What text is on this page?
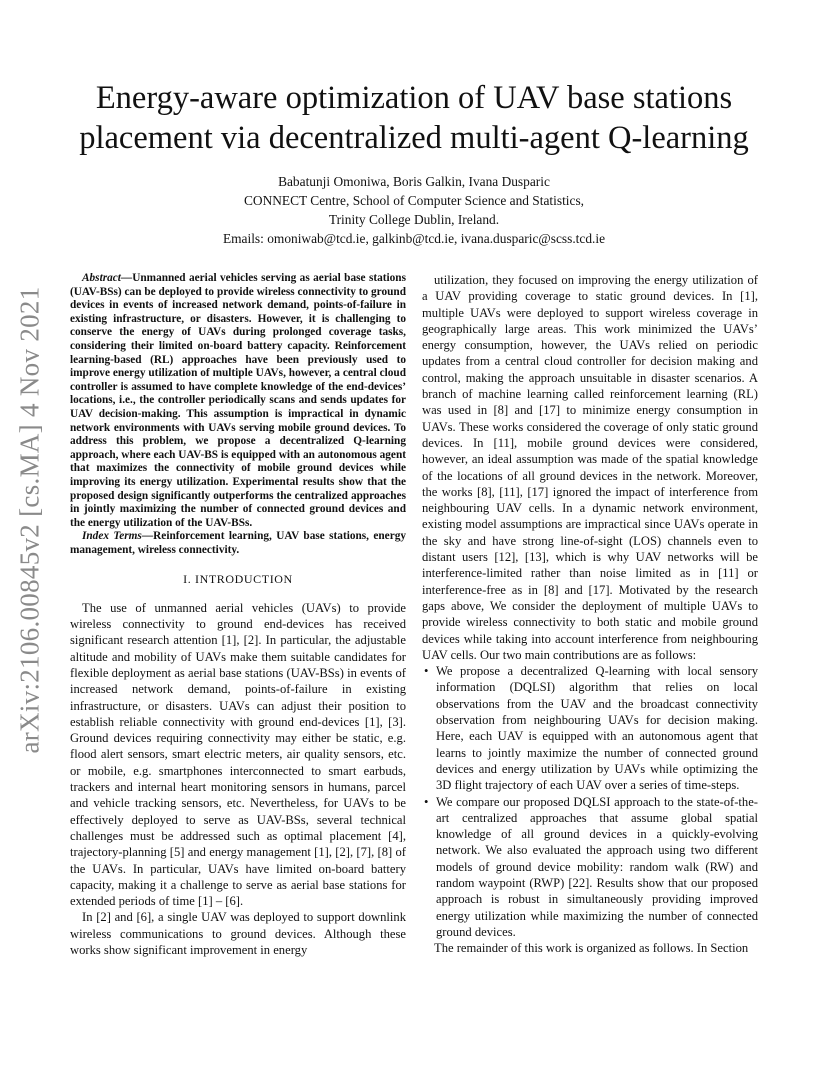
arXiv:2106.00845v2 [cs.MA] 4 Nov 2021
Energy-aware optimization of UAV base stations placement via decentralized multi-agent Q-learning
Babatunji Omoniwa, Boris Galkin, Ivana Dusparic
CONNECT Centre, School of Computer Science and Statistics,
Trinity College Dublin, Ireland.
Emails: omoniwab@tcd.ie, galkinb@tcd.ie, ivana.dusparic@scss.tcd.ie

Abstract—Unmanned aerial vehicles serving as aerial base stations (UAV-BSs) can be deployed to provide wireless connectivity to ground devices in events of increased network demand, points-of-failure in existing infrastructure, or disasters. However, it is challenging to conserve the energy of UAVs during prolonged coverage tasks, considering their limited on-board battery capacity. Reinforcement learning-based (RL) approaches have been previously used to improve energy utilization of multiple UAVs, however, a central cloud controller is assumed to have complete knowledge of the end-devices’ locations, i.e., the controller periodically scans and sends updates for UAV decision-making. This assumption is impractical in dynamic network environments with UAVs serving mobile ground devices. To address this problem, we propose a decentralized Q-learning approach, where each UAV-BS is equipped with an autonomous agent that maximizes the connectivity of mobile ground devices while improving its energy utilization. Experimental results show that the proposed design significantly outperforms the centralized approaches in jointly maximizing the number of connected ground devices and the energy utilization of the UAV-BSs.

Index Terms—Reinforcement learning, UAV base stations, energy management, wireless connectivity.

I. INTRODUCTION

The use of unmanned aerial vehicles (UAVs) to provide wireless connectivity to ground end-devices has received significant research attention [1], [2]. In particular, the adjustable altitude and mobility of UAVs make them suitable candidates for flexible deployment as aerial base stations (UAV-BSs) in events of increased network demand, points-of-failure in existing infrastructure, or disasters. UAVs can adjust their position to establish reliable connectivity with ground end-devices [1], [3]. Ground devices requiring connectivity may either be static, e.g. flood alert sensors, smart electric meters, air quality sensors, etc. or mobile, e.g. smartphones interconnected to smart earbuds, trackers and internal heart monitoring sensors in humans, parcel and vehicle tracking sensors, etc. Nevertheless, for UAVs to be effectively deployed to serve as UAV-BSs, several technical challenges must be addressed such as optimal placement [4], trajectory-planning [5] and energy management [1], [2], [7], [8] of the UAVs. In particular, UAVs have limited on-board battery capacity, making it a challenge to serve as aerial base stations for extended periods of time [1] – [6].

In [2] and [6], a single UAV was deployed to support downlink wireless communications to ground devices. Although these works show significant improvement in energy

utilization, they focused on improving the energy utilization of a UAV providing coverage to static ground devices. In [1], multiple UAVs were deployed to support wireless coverage in geographically large areas. This work minimized the UAVs’ energy consumption, however, the UAVs relied on periodic updates from a central cloud controller for decision making and control, making the approach unsuitable in disaster scenarios. A branch of machine learning called reinforcement learning (RL) was used in [8] and [17] to minimize energy consumption in UAVs. These works considered the coverage of only static ground devices. In [11], mobile ground devices were considered, however, an ideal assumption was made of the spatial knowledge of the locations of all ground devices in the network. Moreover, the works [8], [11], [17] ignored the impact of interference from neighbouring UAV cells. In a dynamic network environment, existing model assumptions are impractical since UAVs operate in the sky and have strong line-of-sight (LOS) channels even to distant users [12], [13], which is why UAV networks will be interference-limited rather than noise limited as in [11] or interference-free as in [8] and [17]. Motivated by the research gaps above, We consider the deployment of multiple UAVs to provide wireless connectivity to both static and mobile ground devices while taking into account interference from neighbouring UAV cells. Our two main contributions are as follows:

• We propose a decentralized Q-learning with local sensory information (DQLSI) algorithm that relies on local observations from the UAV and the broadcast connectivity observation from neighbouring UAVs for decision making. Here, each UAV is equipped with an autonomous agent that learns to jointly maximize the number of connected ground devices and energy utilization by UAVs while optimizing the 3D flight trajectory of each UAV over a series of time-steps.
• We compare our proposed DQLSI approach to the state-of-the-art centralized approaches that assume global spatial knowledge of all ground devices in a quickly-evolving network. We also evaluated the approach using two different models of ground device mobility: random walk (RW) and random waypoint (RWP) [22]. Results show that our proposed approach is robust in simultaneously providing improved energy utilization while maximizing the number of connected ground devices.

The remainder of this work is organized as follows. In Section
